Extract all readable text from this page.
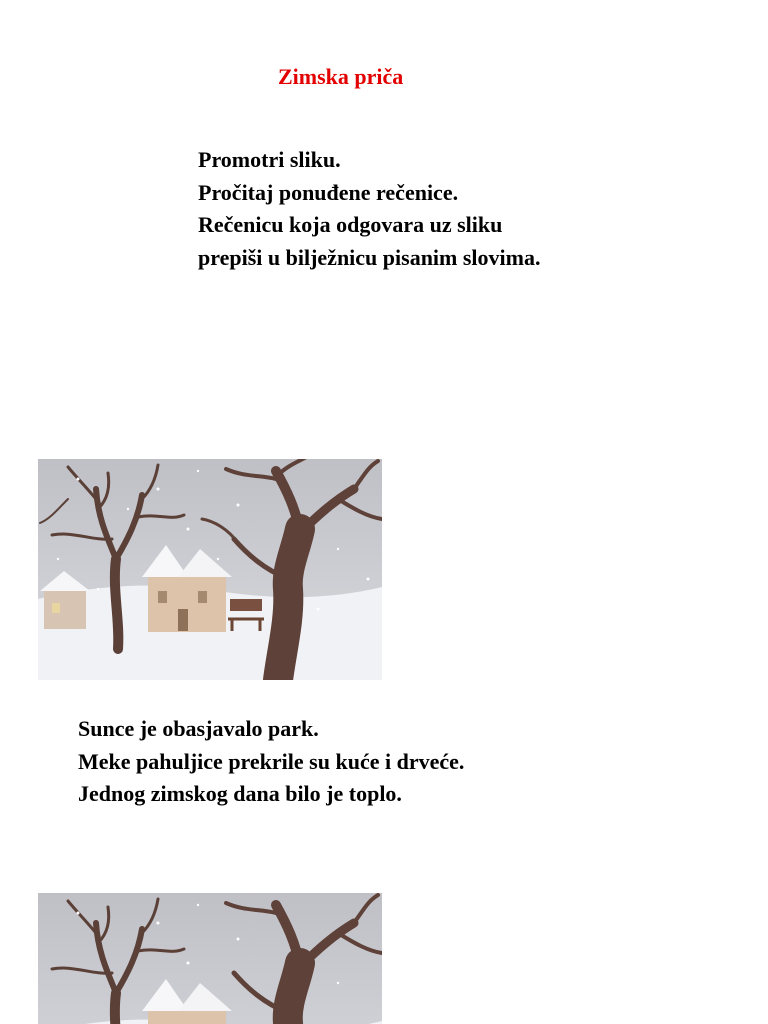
Zimska priča
Promotri sliku.
Pročitaj ponuđene rečenice.
Rečenicu koja odgovara uz sliku
prepiši u bilježnicu pisanim slovima.
Sunce je obasjavalo park.
Meke pahuljice prekrile su kuće i drveće.
Jednog zimskog dana bilo je toplo.
